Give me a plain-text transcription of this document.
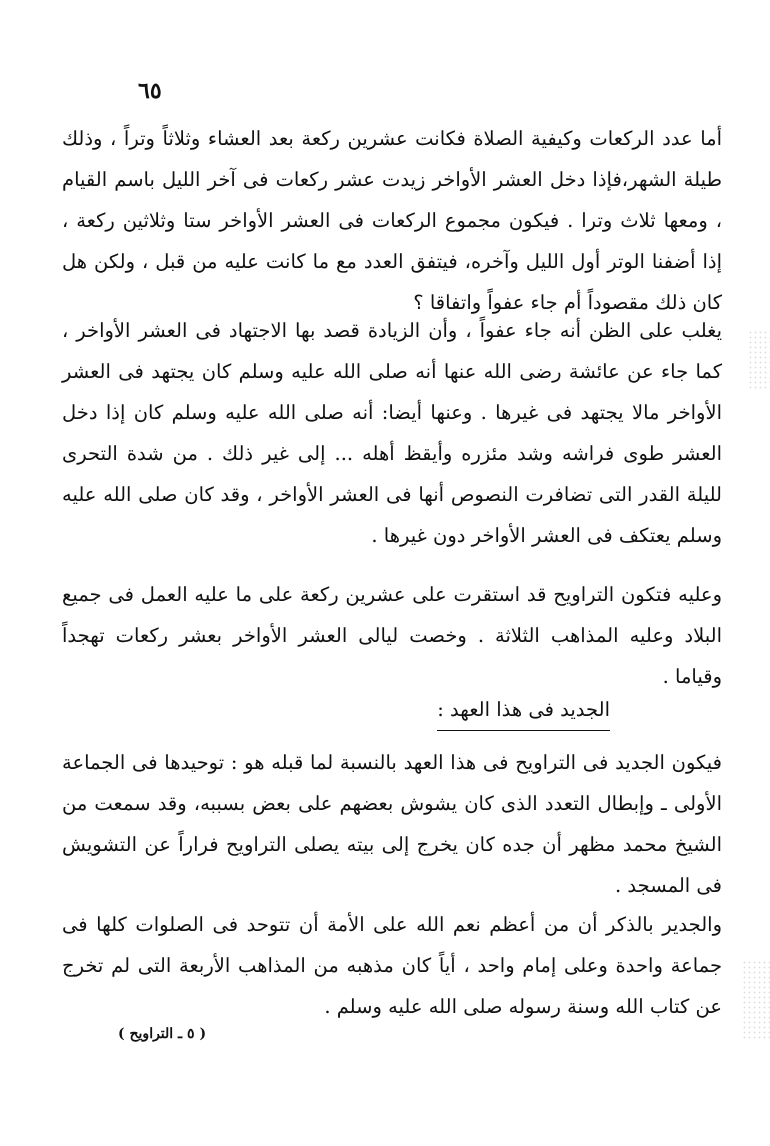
٦٥

أما عدد الركعات وكيفية الصلاة فكانت عشرين ركعة بعد العشاء وثلاثاً وتراً ، وذلك طيلة الشهر،فإذا دخل العشر الأواخر زيدت عشر ركعات فى آخر الليل باسم القيام ، ومعها ثلاث وترا . فيكون مجموع الركعات فى العشر الأواخر ستا وثلاثين ركعة ، إذا أضفنا الوتر أول الليل وآخره، فيتفق العدد مع ما كانت عليه من قبل ، ولكن هل كان ذلك مقصوداً أم جاء عفواً واتفاقا ؟

يغلب على الظن أنه جاء عفواً ، وأن الزيادة قصد بها الاجتهاد فى العشر الأواخر ، كما جاء عن عائشة رضى الله عنها أنه صلى الله عليه وسلم كان يجتهد فى العشر الأواخر مالا يجتهد فى غيرها . وعنها أيضا: أنه صلى الله عليه وسلم كان إذا دخل العشر طوى فراشه وشد مئزره وأيقظ أهله ... إلى غير ذلك . من شدة التحرى لليلة القدر التى تضافرت النصوص أنها فى العشر الأواخر ، وقد كان صلى الله عليه وسلم يعتكف فى العشر الأواخر دون غيرها .

وعليه فتكون التراويح قد استقرت على عشرين ركعة على ما عليه العمل فى جميع البلاد وعليه المذاهب الثلاثة . وخصت ليالى العشر الأواخر بعشر ركعات تهجداً وقياما .

الجديد فى هذا العهد :

فيكون الجديد فى التراويح فى هذا العهد بالنسبة لما قبله هو : توحيدها فى الجماعة الأولى ـ وإبطال التعدد الذى كان يشوش بعضهم على بعض بسببه، وقد سمعت من الشيخ محمد مظهر أن جده كان يخرج إلى بيته يصلى التراويح فراراً عن التشويش فى المسجد .

والجدير بالذكر أن من أعظم نعم الله على الأمة أن تتوحد فى الصلوات كلها فى جماعة واحدة وعلى إمام واحد ، أياً كان مذهبه من المذاهب الأربعة التى لم تخرج عن كتاب الله وسنة رسوله صلى الله عليه وسلم .

( ٥ ـ التراويح )
